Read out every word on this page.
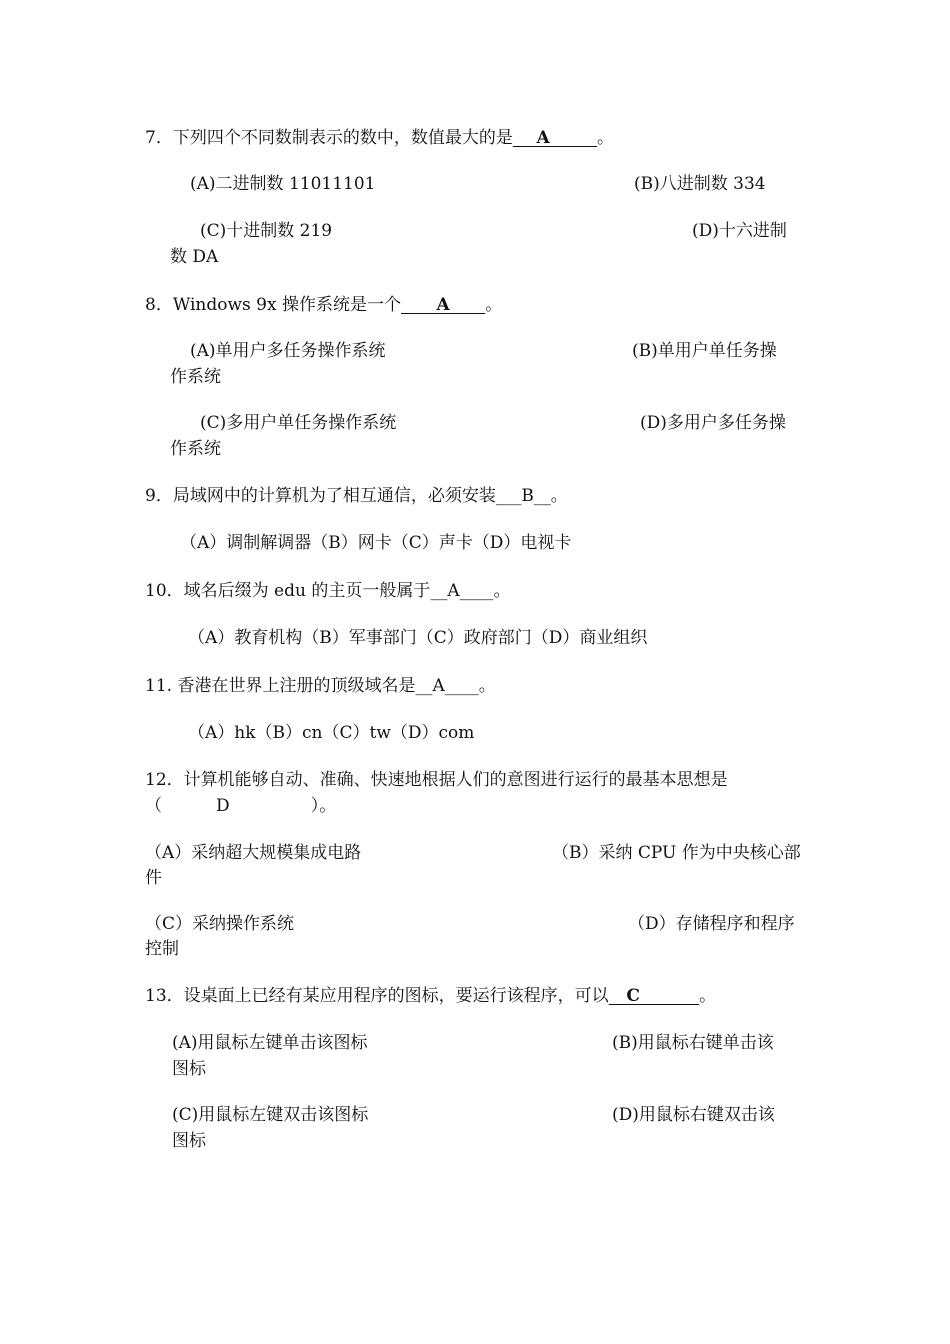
7．下列四个不同数制表示的数中，数值最大的是    A        。
(A)二进制数 11011101	(B)八进制数 334
(C)十进制数 219	(D)十六进制
数 DA
8．Windows 9x 操作系统是一个      A      。
(A)单用户多任务操作系统	(B)单用户单任务操
作系统
(C)多用户单任务操作系统	(D)多用户多任务操
作系统
9．局域网中的计算机为了相互通信，必须安装___B__。
（A）调制解调器（B）网卡（C）声卡（D）电视卡
10．域名后缀为 edu 的主页一般属于__A____。
（A）教育机构（B）军事部门（C）政府部门（D）商业组织
11. 香港在世界上注册的顶级域名是__A____。
（A）hk（B）cn（C）tw（D）com
12．计算机能够自动、准确、快速地根据人们的意图进行运行的最基本思想是
（          D               ）。
（A）采纳超大规模集成电路	（B）采纳 CPU 作为中央核心部
件
（C）采纳操作系统	（D）存储程序和程序
控制
13．设桌面上已经有某应用程序的图标，要运行该程序，可以   C          。
(A)用鼠标左键单击该图标	(B)用鼠标右键单击该
图标
(C)用鼠标左键双击该图标	(D)用鼠标右键双击该
图标
